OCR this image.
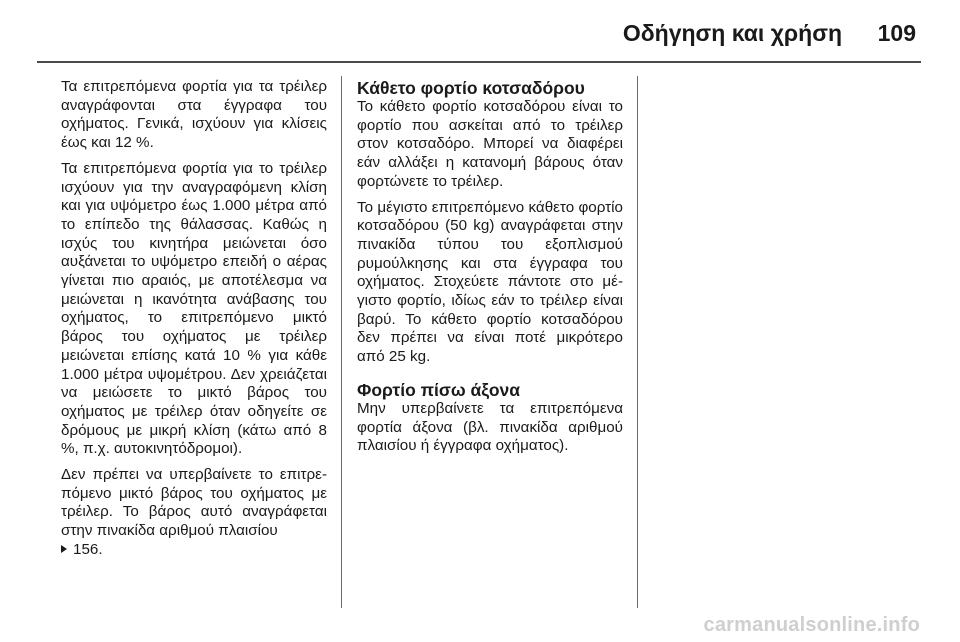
Οδήγηση και χρήση 109

Τα επιτρεπόμενα φορτία για τα τρέιλερ αναγράφονται στα έγγραφα του οχήματος. Γενικά, ισχύουν για κλίσεις έως και 12 %.

Τα επιτρεπόμενα φορτία για το τρέιλερ ισχύουν για την αναγραφόμενη κλίση και για υψόμετρο έως 1.000 μέτρα από το επίπεδο της θάλασσας. Καθώς η ισχύς του κινητήρα μειώνεται όσο αυξάνεται το υψόμετρο επειδή ο αέρας γίνεται πιο αραιός, με αποτέλεσμα να μειώνεται η ικανότητα ανάβασης του οχήματος, το επιτρεπόμενο μικτό βάρος του οχήματος με τρέιλερ μειώνεται επίσης κατά 10 % για κάθε 1.000 μέτρα υψομέτρου. Δεν χρειάζεται να μειώσετε το μικτό βάρος του οχήματος με τρέιλερ όταν οδηγείτε σε δρόμους με μικρή κλίση (κάτω από 8 %, π.χ. αυτοκινητόδρομοι).

Δεν πρέπει να υπερβαίνετε το επιτρεπόμενο μικτό βάρος του οχήματος με τρέιλερ. Το βάρος αυτό αναγράφεται στην πινακίδα αριθμού πλαισίου

156.
Κάθετο φορτίο κοτσαδόρου

Το κάθετο φορτίο κοτσαδόρου είναι το φορτίο που ασκείται από το τρέιλερ στον κοτσαδόρο. Μπορεί να διαφέρει εάν αλλάξει η κατανομή βάρους όταν φορτώνετε το τρέιλερ.

Το μέγιστο επιτρεπόμενο κάθετο φορτίο κοτσαδόρου (50 kg) αναγράφεται στην πινακίδα τύπου του εξοπλισμού ρυμούλκησης και στα έγγραφα του οχήματος. Στοχεύετε πάντοτε στο μέγιστο φορτίο, ιδίως εάν το τρέιλερ είναι βαρύ. Το κάθετο φορτίο κοτσαδόρου δεν πρέπει να είναι ποτέ μικρότερο από 25 kg.

Φορτίο πίσω άξονα

Μην υπερβαίνετε τα επιτρεπόμενα φορτία άξονα (βλ. πινακίδα αριθμού πλαισίου ή έγγραφα οχήματος).

carmanualsonline.info
